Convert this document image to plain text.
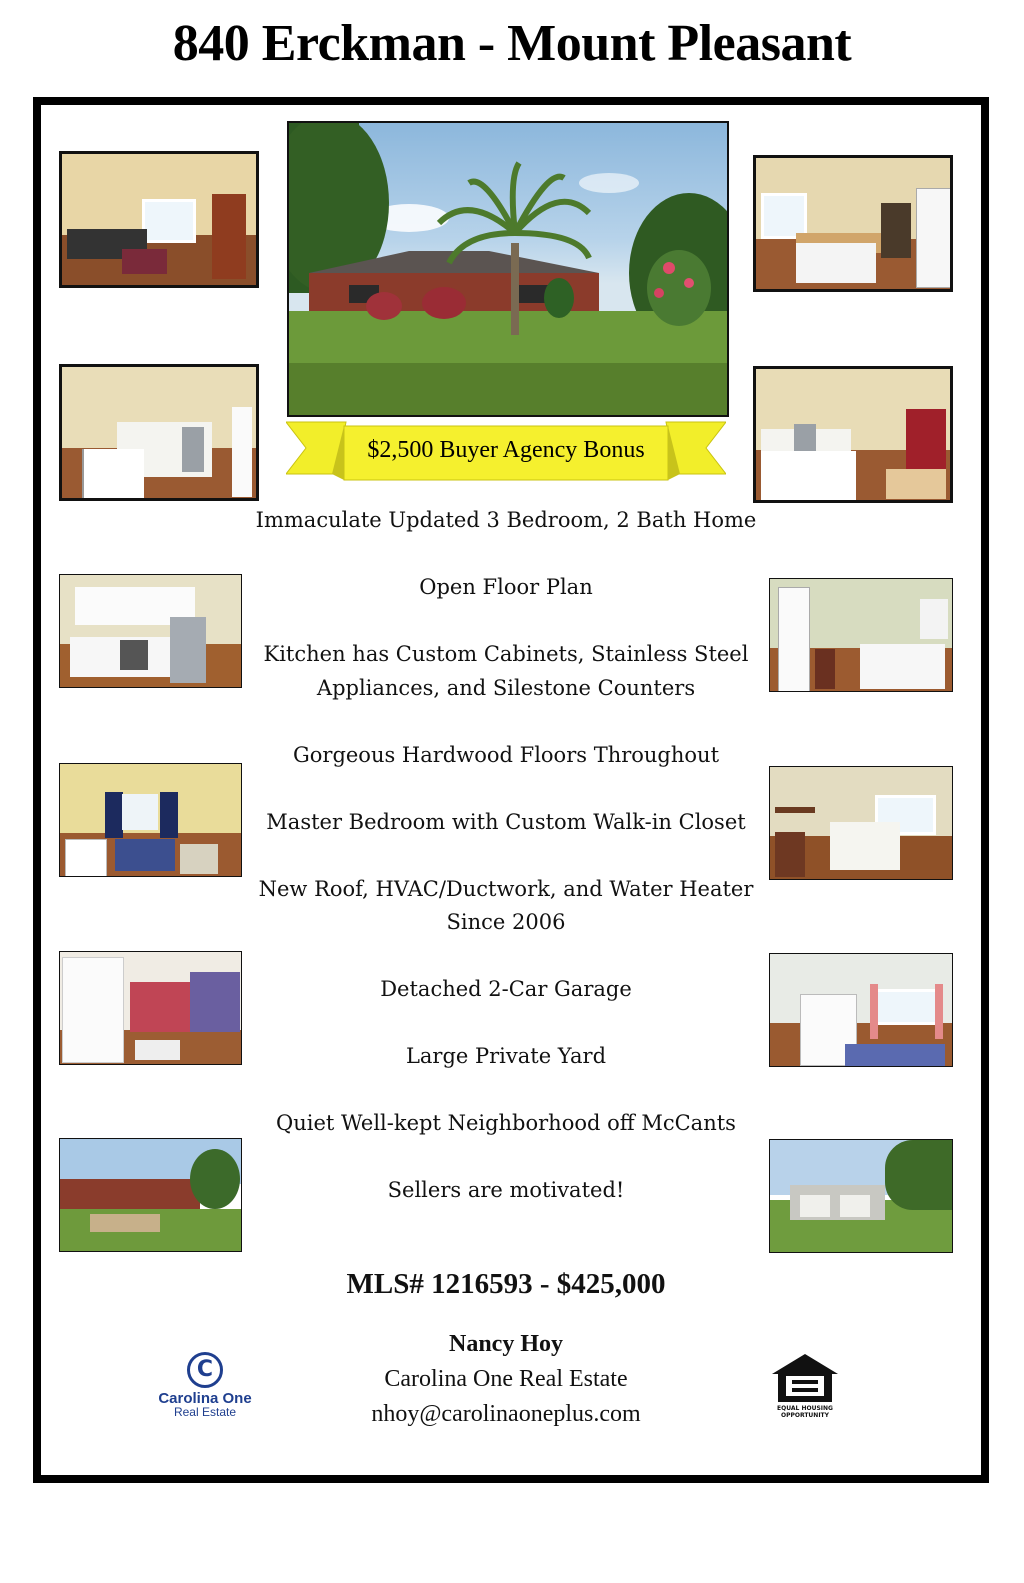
840 Erckman - Mount Pleasant
$2,500 Buyer Agency Bonus

Immaculate Updated 3 Bedroom, 2 Bath Home

Open Floor Plan

Kitchen has Custom Cabinets, Stainless Steel Appliances, and Silestone Counters

Gorgeous Hardwood Floors Throughout

Master Bedroom with Custom Walk-in Closet

New Roof, HVAC/Ductwork, and Water Heater Since 2006

Detached 2-Car Garage

Large Private Yard

Quiet Well-kept Neighborhood off McCants

Sellers are motivated!

MLS# 1216593 - $425,000
Nancy Hoy
Carolina One Real Estate
nhoy@carolinaoneplus.com
C
Carolina One
Real Estate	EQUAL HOUSING OPPORTUNITY
